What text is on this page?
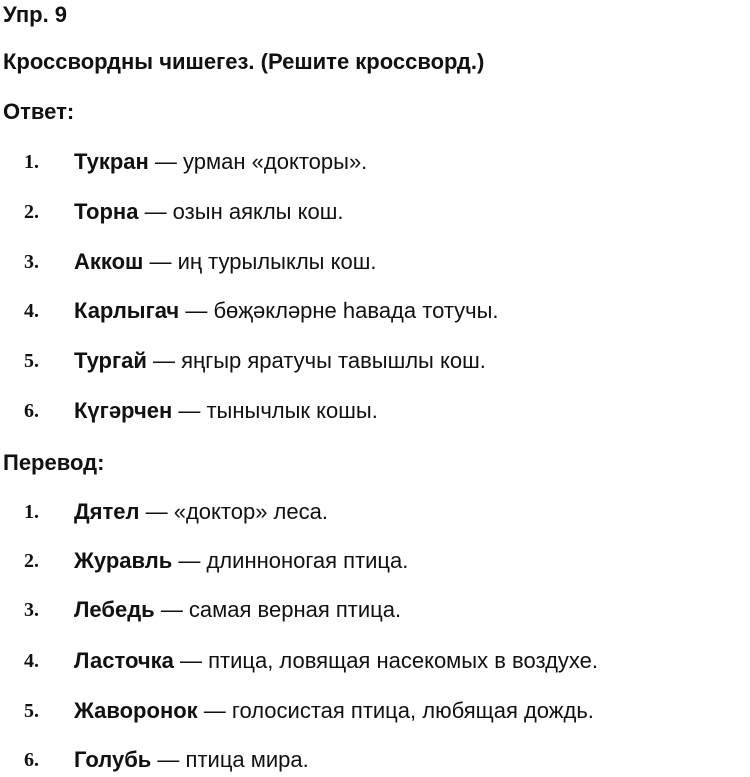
Упр. 9
Кроссвордны чишегез. (Решите кроссворд.)
Ответ:
1. Тукран — урман «докторы».
2. Торна — озын аяклы кош.
3. Аккош — иң турылыклы кош.
4. Карлыгач — бөҗәкләрне һавада тотучы.
5. Тургай — яңгыр яратучы тавышлы кош.
6. Күгәрчен — тынычлык кошы.
Перевод:
1. Дятел — «доктор» леса.
2. Журавль — длинноногая птица.
3. Лебедь — самая верная птица.
4. Ласточка — птица, ловящая насекомых в воздухе.
5. Жаворонок — голосистая птица, любящая дождь.
6. Голубь — птица мира.
